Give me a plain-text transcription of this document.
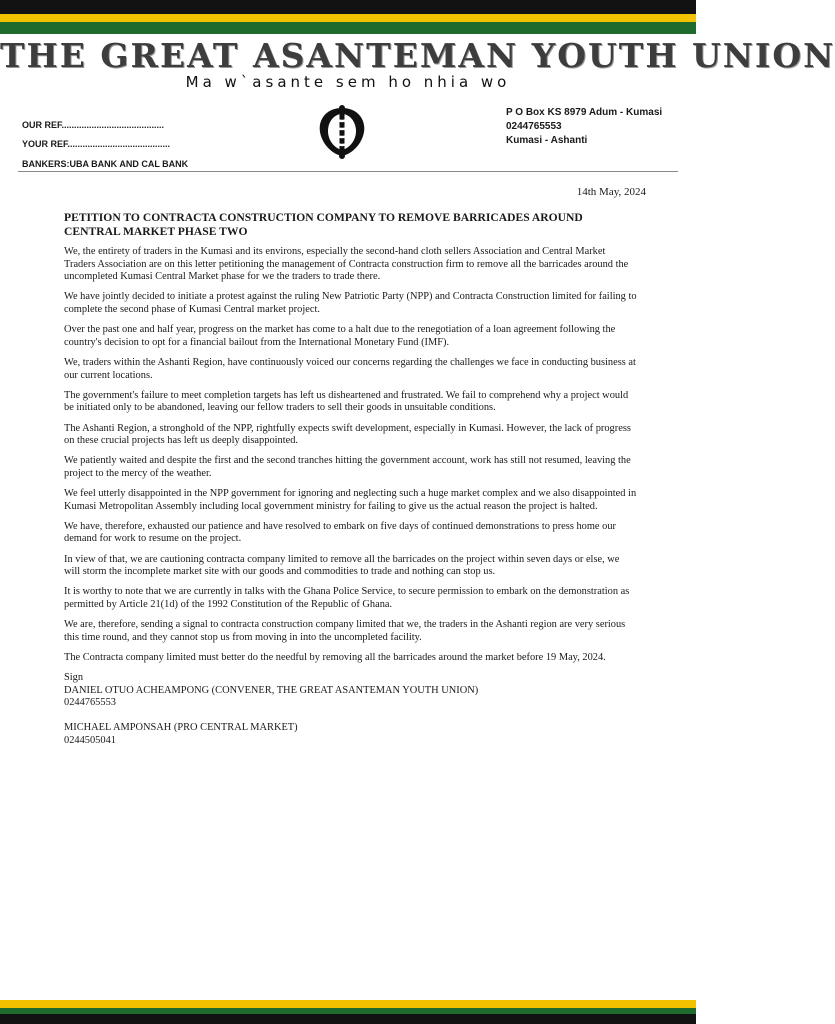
THE GREAT ASANTEMAN YOUTH UNION
Ma w`asante sem ho nhia wo
OUR REF.........................................
YOUR REF.........................................
BANKERS:UBA BANK AND CAL BANK
P O Box KS 8979 Adum - Kumasi
0244765553
Kumasi - Ashanti
14th May, 2024
PETITION TO CONTRACTA CONSTRUCTION COMPANY TO REMOVE BARRICADES AROUND CENTRAL MARKET PHASE TWO

We, the entirety of traders in the Kumasi and its environs, especially the second-hand cloth sellers Association and Central Market Traders Association are on this letter petitioning the management of Contracta construction firm to remove all the barricades around the uncompleted Kumasi Central Market phase for we the traders to trade there.

We have jointly decided to initiate a protest against the ruling New Patriotic Party (NPP) and Contracta Construction limited for failing to complete the second phase of Kumasi Central market project.

Over the past one and half year, progress on the market has come to a halt due to the renegotiation of a loan agreement following the country's decision to opt for a financial bailout from the International Monetary Fund (IMF).

We, traders within the Ashanti Region, have continuously voiced our concerns regarding the challenges we face in conducting business at our current locations.

The government's failure to meet completion targets has left us disheartened and frustrated. We fail to comprehend why a project would be initiated only to be abandoned, leaving our fellow traders to sell their goods in unsuitable conditions.

The Ashanti Region, a stronghold of the NPP, rightfully expects swift development, especially in Kumasi. However, the lack of progress on these crucial projects has left us deeply disappointed.

We patiently waited and despite the first and the second tranches hitting the government account, work has still not resumed, leaving the project to the mercy of the weather.

We feel utterly disappointed in the NPP government for ignoring and neglecting such a huge market complex and we also disappointed in Kumasi Metropolitan Assembly including local government ministry for failing to give us the actual reason the project is halted.

We have, therefore, exhausted our patience and have resolved to embark on five days of continued demonstrations to press home our demand for work to resume on the project.

In view of that, we are cautioning contracta company limited to remove all the barricades on the project within seven days or else, we will storm the incomplete market site with our goods and commodities to trade and nothing can stop us.

It is worthy to note that we are currently in talks with the Ghana Police Service, to secure permission to embark on the demonstration as permitted by Article 21(1d) of the 1992 Constitution of the Republic of Ghana.

We are, therefore, sending a signal to contracta construction company limited that we, the traders in the Ashanti region are very serious this time round, and they cannot stop us from moving in into the uncompleted facility.

The Contracta company limited must better do the needful by removing all the barricades around the market before 19 May, 2024.

Sign
DANIEL OTUO ACHEAMPONG (CONVENER, THE GREAT ASANTEMAN YOUTH UNION)
0244765553
MICHAEL AMPONSAH (PRO CENTRAL MARKET)
0244505041
